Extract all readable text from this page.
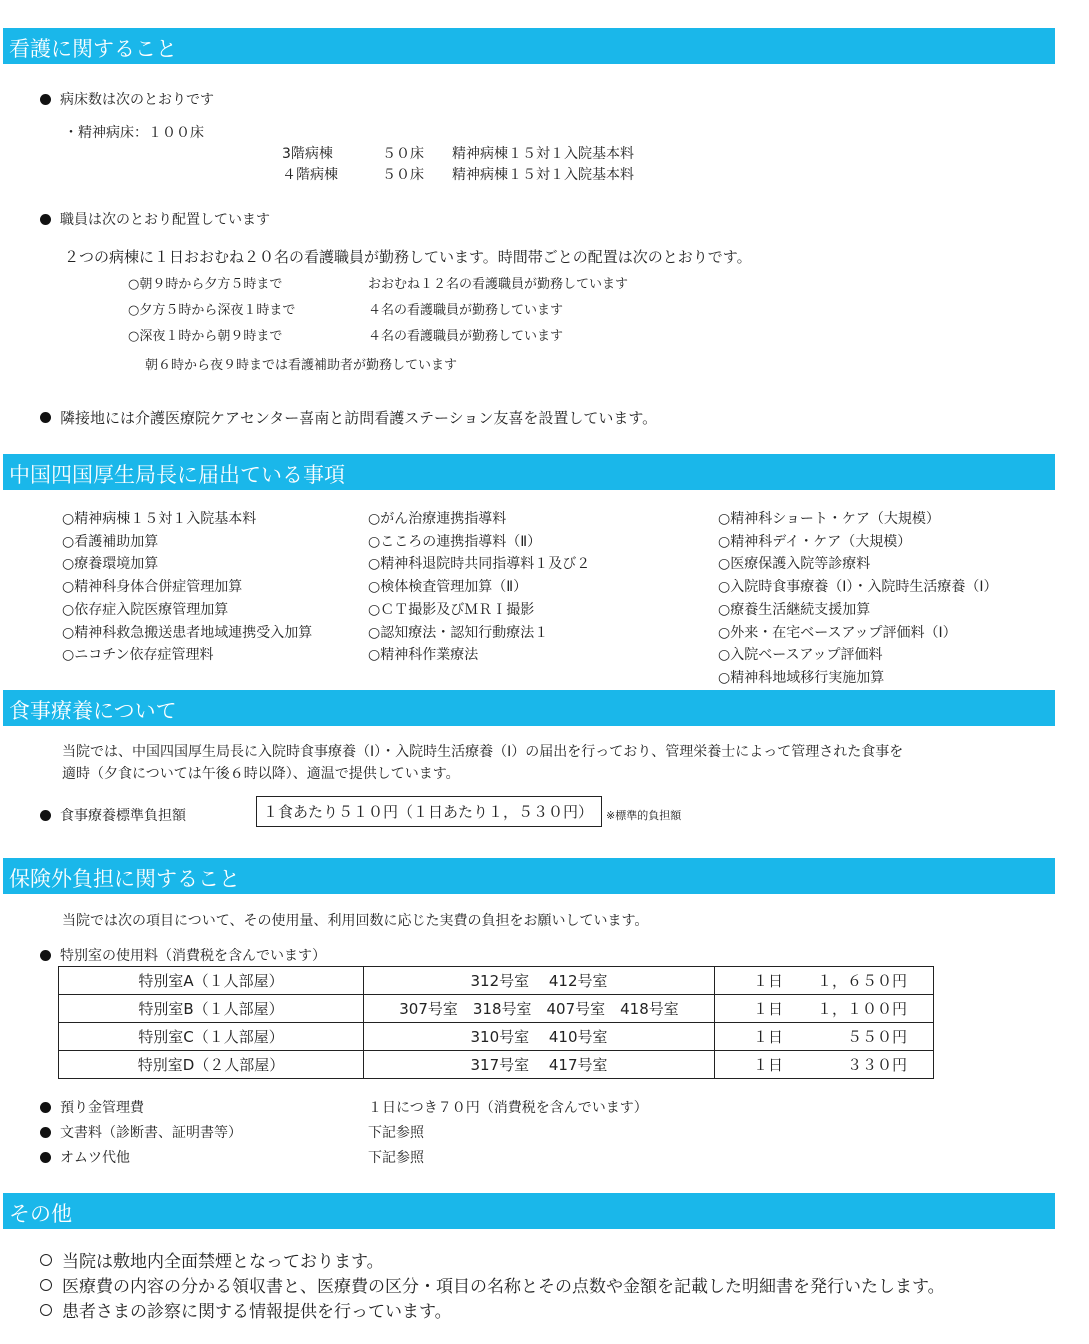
看護に関すること
病床数は次のとおりです
・精神病床：１００床
3階病棟	５０床 精神病棟１５対１入院基本料
４階病棟	５０床 精神病棟１５対１入院基本料
職員は次のとおり配置しています
２つの病棟に１日おおむね２０名の看護職員が勤務しています。時間帯ごとの配置は次のとおりです。
○朝９時から夕方５時まで	おおむね１２名の看護職員が勤務しています
○夕方５時から深夜１時まで	４名の看護職員が勤務しています
○深夜１時から朝９時まで	４名の看護職員が勤務しています
朝６時から夜９時までは看護補助者が勤務しています
隣接地には介護医療院ケアセンター喜南と訪問看護ステーション友喜を設置しています。
中国四国厚生局長に届出ている事項
○精神病棟１５対１入院基本料
○看護補助加算
○療養環境加算
○精神科身体合併症管理加算
○依存症入院医療管理加算
○精神科救急搬送患者地域連携受入加算
○ニコチン依存症管理料
○がん治療連携指導料
○こころの連携指導料（Ⅱ）
○精神科退院時共同指導料１及び２
○検体検査管理加算（Ⅱ）
○ＣＴ撮影及びＭＲＩ撮影
○認知療法・認知行動療法１
○精神科作業療法
○精神科ショート・ケア（大規模）
○精神科デイ・ケア（大規模）
○医療保護入院等診療料
○入院時食事療養（Ⅰ）・入院時生活療養（Ⅰ）
○療養生活継続支援加算
○外来・在宅ベースアップ評価料（Ⅰ）
○入院ベースアップ評価料
○精神科地域移行実施加算
食事療養について
当院では、中国四国厚生局長に入院時食事療養（Ⅰ）・入院時生活療養（Ⅰ）の届出を行っており、管理栄養士によって管理された食事を
適時（夕食については午後６時以降）、適温で提供しています。
食事療養標準負担額	１食あたり５１０円（１日あたり１，５３０円）	※標準的負担額
保険外負担に関すること
当院では次の項目について、その使用量、利用回数に応じた実費の負担をお願いしています。
特別室の使用料（消費税を含んでいます）
特別室A（１人部屋）	312号室　 412号室	１日 １，６５０円

特別室B（１人部屋）	307号室　318号室　407号室　418号室	１日 １，１００円

特別室C（１人部屋）	310号室　 410号室	１日 ５５０円

特別室D（２人部屋）	317号室　 417号室	１日 ３３０円
預り金管理費	１日につき７０円（消費税を含んでいます）
文書料（診断書、証明書等）	下記参照
オムツ代他	下記参照
その他
当院は敷地内全面禁煙となっております。
医療費の内容の分かる領収書と、医療費の区分・項目の名称とその点数や金額を記載した明細書を発行いたします。
患者さまの診察に関する情報提供を行っています。
